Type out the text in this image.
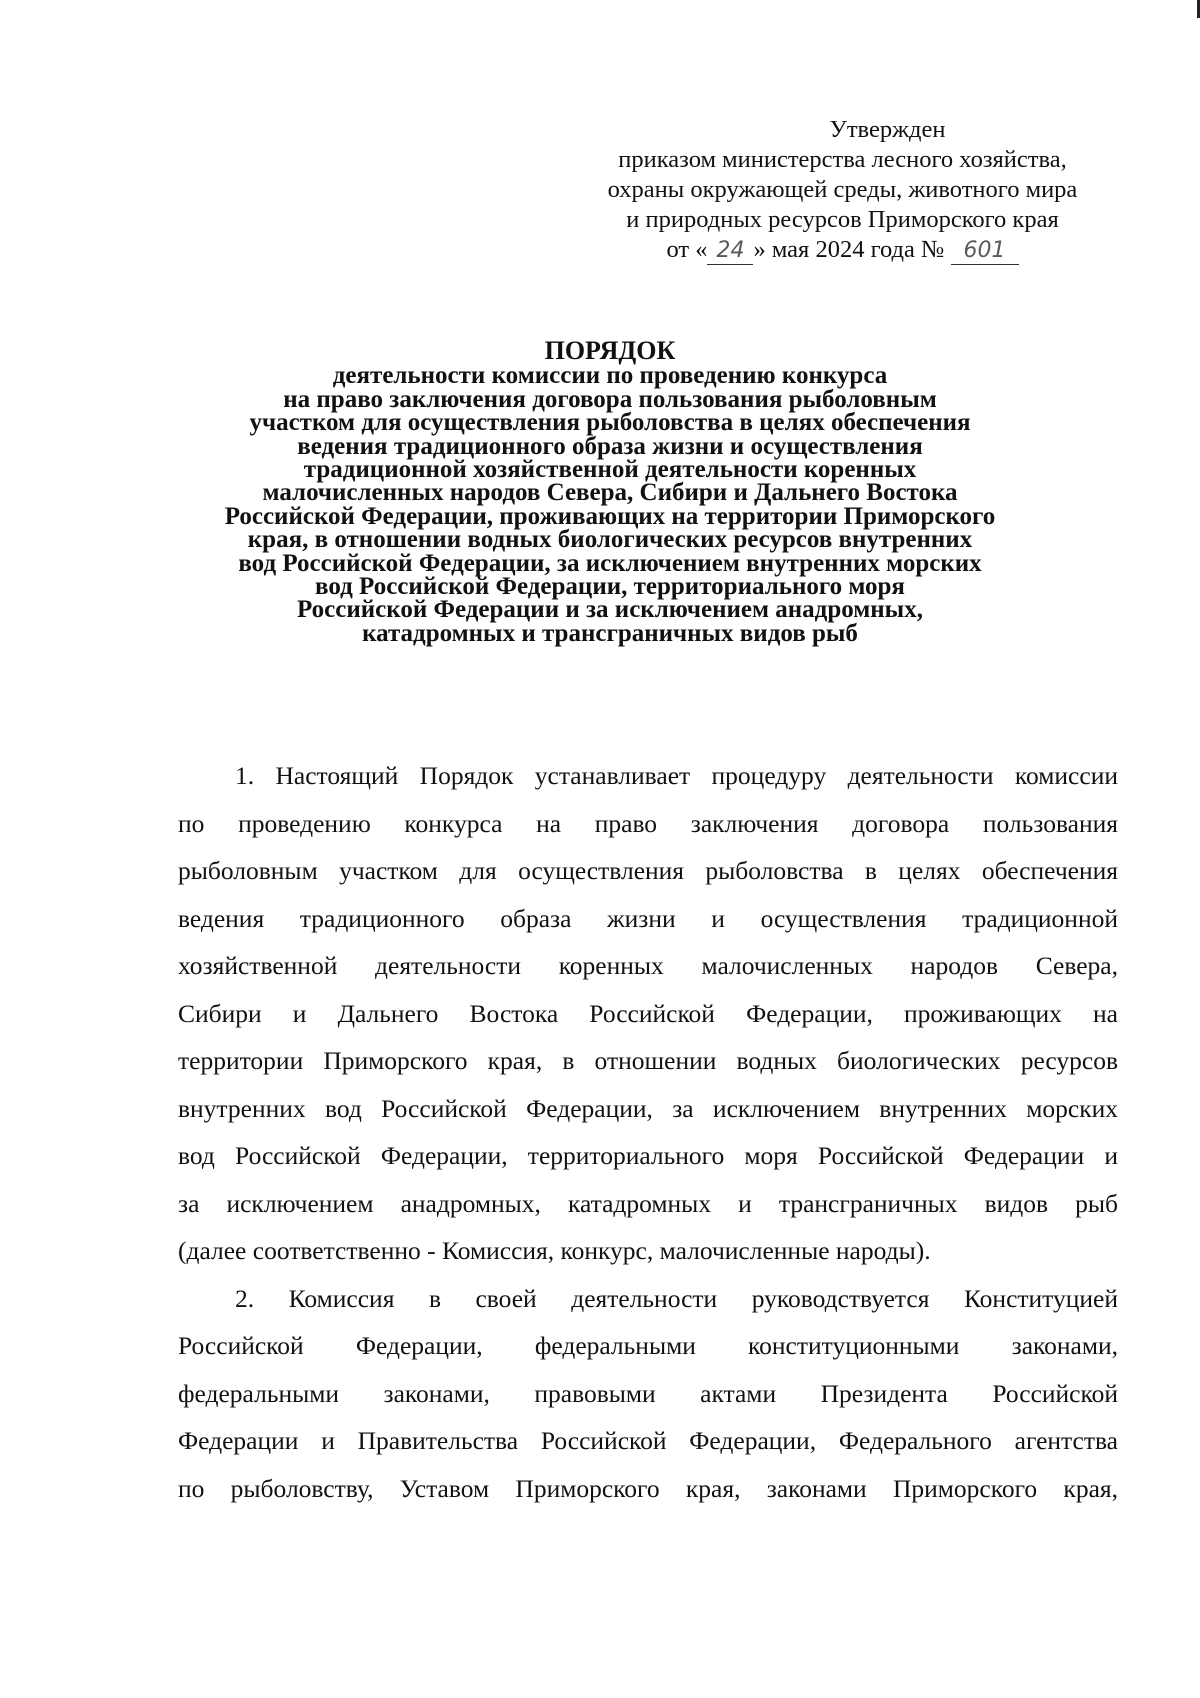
Утвержден
приказом министерства лесного хозяйства,
охраны окружающей среды, животного мира
и природных ресурсов Приморского края
от « 24 » мая 2024 года № 601
ПОРЯДОК
деятельности комиссии по проведению конкурса
на право заключения договора пользования рыболовным
участком для осуществления рыболовства в целях обеспечения
ведения традиционного образа жизни и осуществления
традиционной хозяйственной деятельности коренных
малочисленных народов Севера, Сибири и Дальнего Востока
Российской Федерации, проживающих на территории Приморского
края, в отношении водных биологических ресурсов внутренних
вод Российской Федерации, за исключением внутренних морских
вод Российской Федерации, территориального моря
Российской Федерации и за исключением анадромных,
катадромных и трансграничных видов рыб
1. Настоящий Порядок устанавливает процедуру деятельности комиссии
по проведению конкурса на право заключения договора пользования
рыболовным участком для осуществления рыболовства в целях обеспечения
ведения традиционного образа жизни и осуществления традиционной
хозяйственной деятельности коренных малочисленных народов Севера,
Сибири и Дальнего Востока Российской Федерации, проживающих на
территории Приморского края, в отношении водных биологических ресурсов
внутренних вод Российской Федерации, за исключением внутренних морских
вод Российской Федерации, территориального моря Российской Федерации и
за исключением анадромных, катадромных и трансграничных видов рыб
(далее соответственно - Комиссия, конкурс, малочисленные народы).
2. Комиссия в своей деятельности руководствуется Конституцией
Российской Федерации, федеральными конституционными законами,
федеральными законами, правовыми актами Президента Российской
Федерации и Правительства Российской Федерации, Федерального агентства
по рыболовству, Уставом Приморского края, законами Приморского края,
